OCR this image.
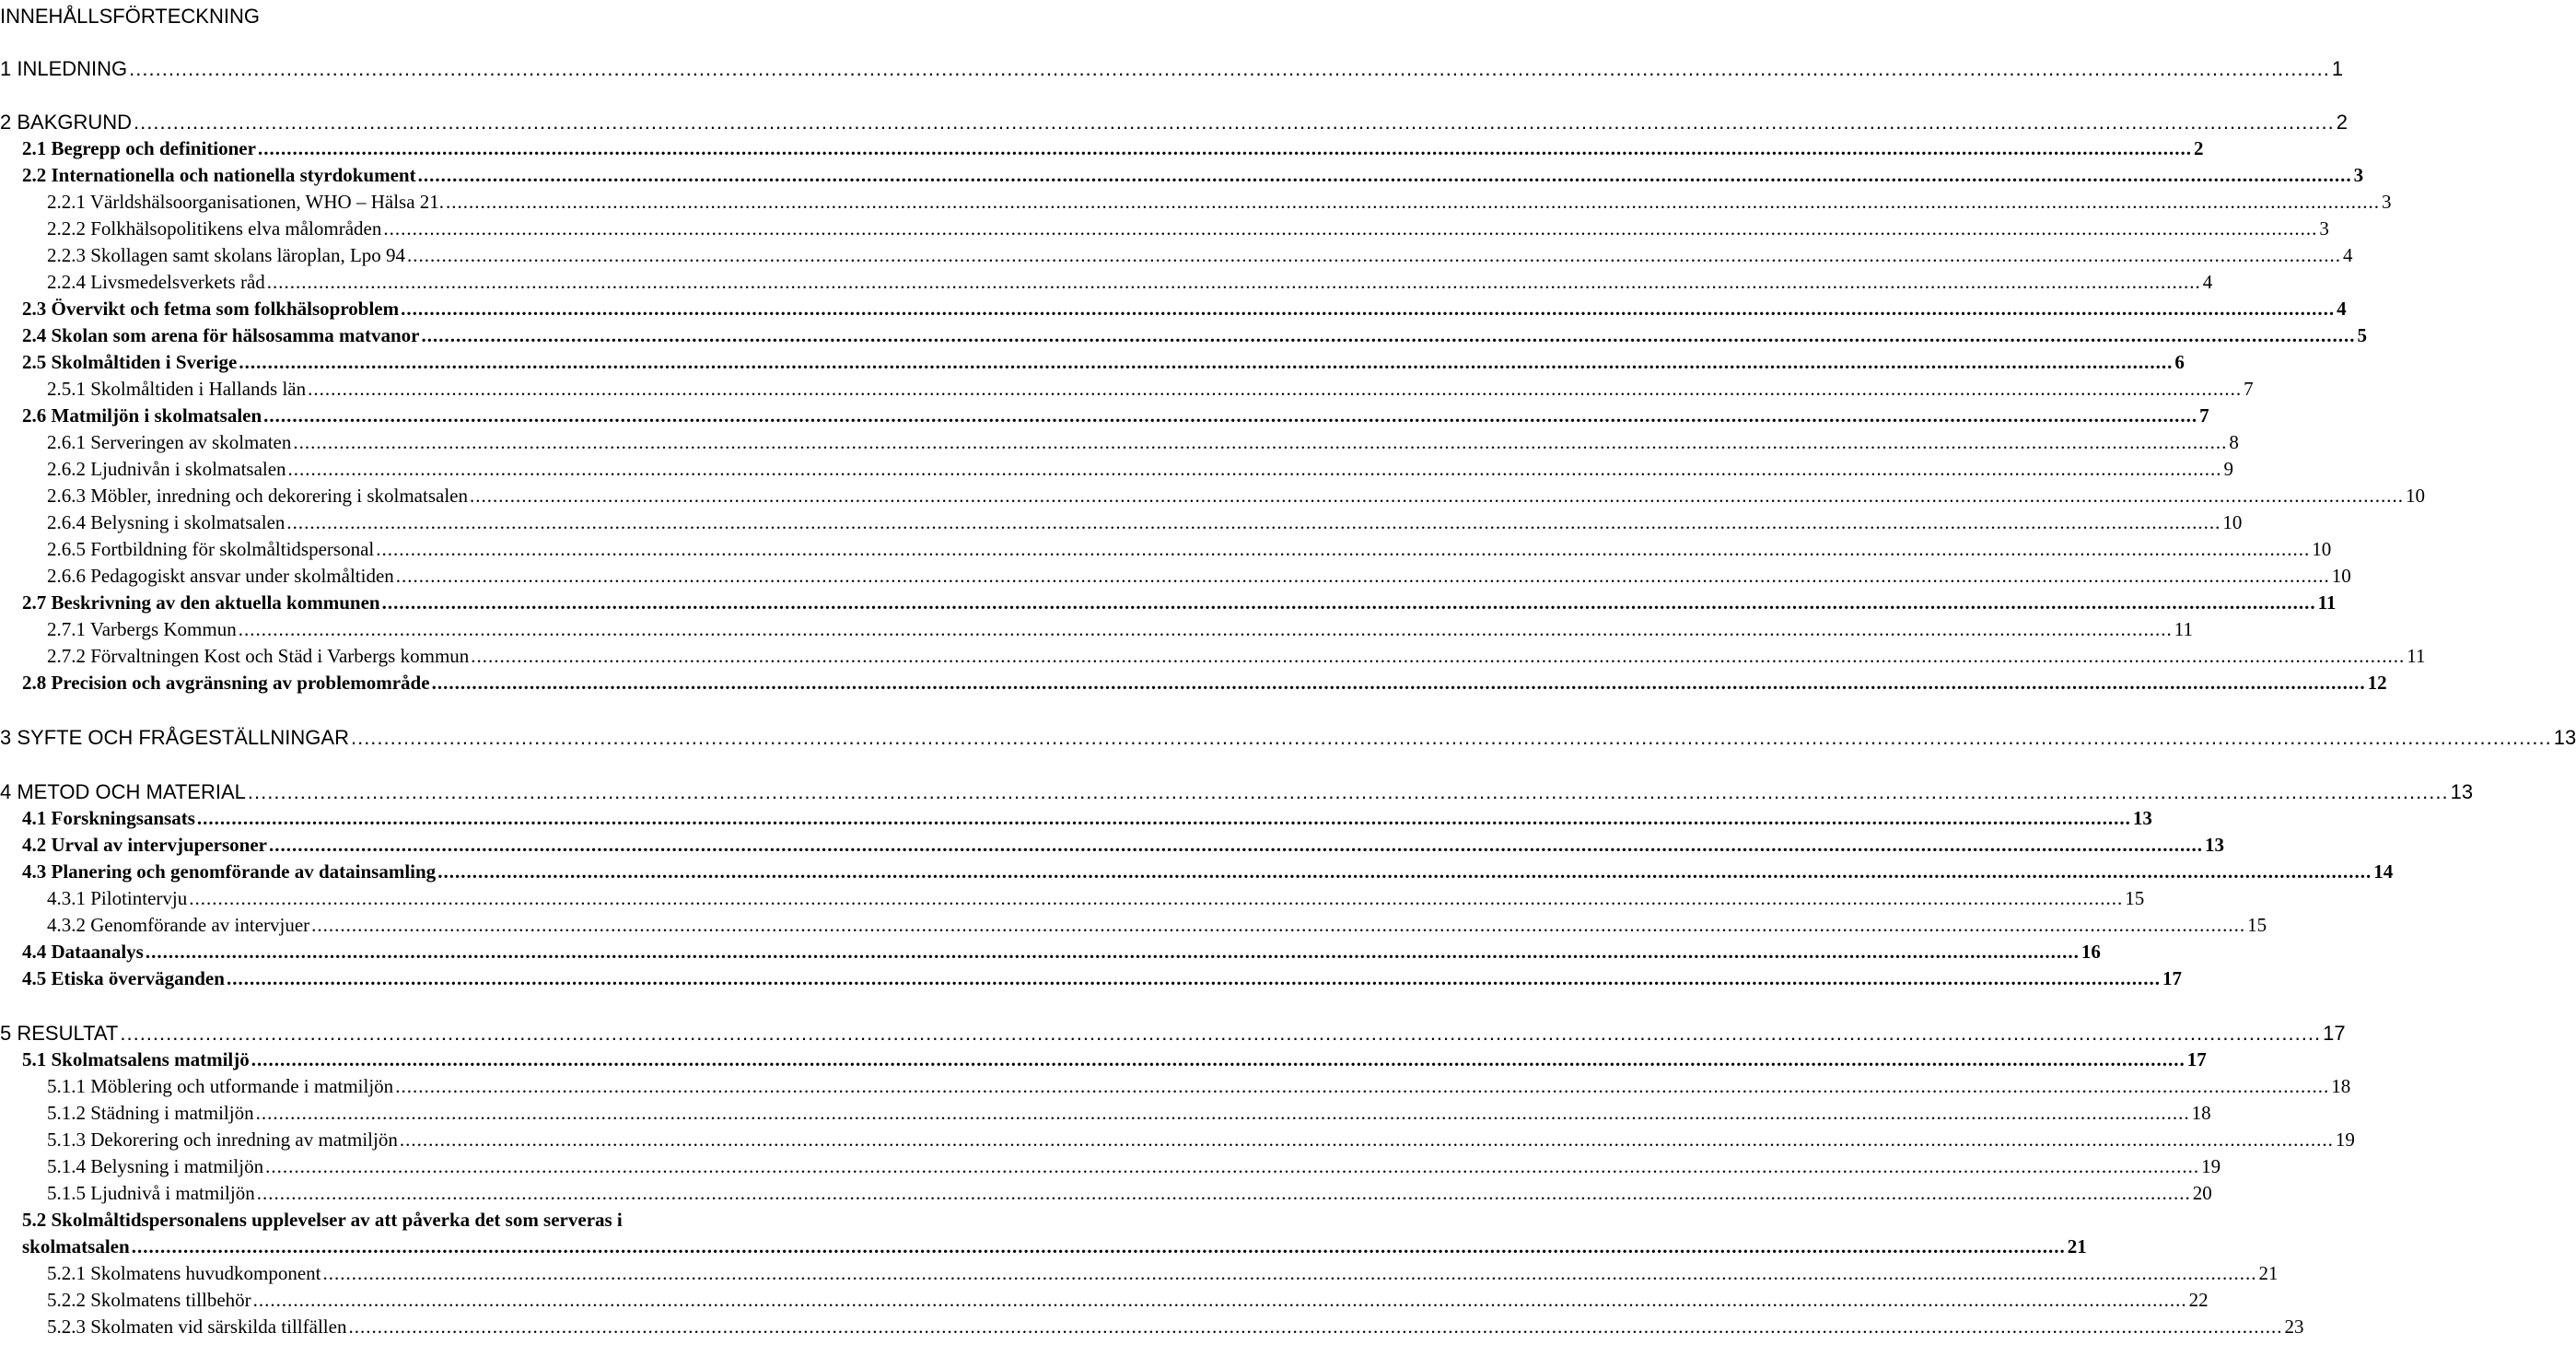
INNEHÅLLSFÖRTECKNING
1 INLEDNING .....	1
2 BAKGRUND .....	2
2.1 Begrepp och definitioner .....	2
2.2 Internationella och nationella styrdokument .....	3
2.2.1 Världshälsoorganisationen, WHO – Hälsa 21. .....	3
2.2.2 Folkhälsopolitikens elva målområden .....	3
2.2.3 Skollagen samt skolans läroplan, Lpo 94 .....	4
2.2.4 Livsmedelsverkets råd .....	4
2.3 Övervikt och fetma som folkhälsoproblem .....	4
2.4 Skolan som arena för hälsosamma matvanor .....	5
2.5 Skolmåltiden i Sverige .....	6
2.5.1 Skolmåltiden i Hallands län .....	7
2.6 Matmiljön i skolmatsalen .....	7
2.6.1 Serveringen av skolmaten .....	8
2.6.2 Ljudnivån i skolmatsalen .....	9
2.6.3 Möbler, inredning och dekorering i skolmatsalen .....	10
2.6.4 Belysning i skolmatsalen .....	10
2.6.5 Fortbildning för skolmåltidspersonal .....	10
2.6.6 Pedagogiskt ansvar under skolmåltiden .....	10
2.7 Beskrivning av den aktuella kommunen .....	11
2.7.1 Varbergs Kommun .....	11
2.7.2 Förvaltningen Kost och Städ i Varbergs kommun .....	11
2.8 Precision och avgränsning av problemområde .....	12
3 SYFTE OCH FRÅGESTÄLLNINGAR .....	13
4 METOD OCH MATERIAL .....	13
4.1 Forskningsansats .....	13
4.2 Urval av intervjupersoner .....	13
4.3 Planering och genomförande av datainsamling .....	14
4.3.1 Pilotintervju .....	15
4.3.2 Genomförande av intervjuer .....	15
4.4 Dataanalys .....	16
4.5 Etiska överväganden .....	17
5 RESULTAT .....	17
5.1 Skolmatsalens matmiljö .....	17
5.1.1 Möblering och utformande i matmiljön .....	18
5.1.2 Städning i matmiljön .....	18
5.1.3 Dekorering och inredning av matmiljön .....	19
5.1.4 Belysning i matmiljön .....	19
5.1.5 Ljudnivå i matmiljön .....	20
5.2 Skolmåltidspersonalens upplevelser av att påverka det som serveras i
skolmatsalen .....	21
5.2.1 Skolmatens huvudkomponent .....	21
5.2.2 Skolmatens tillbehör .....	22
5.2.3 Skolmaten vid särskilda tillfällen .....	23
